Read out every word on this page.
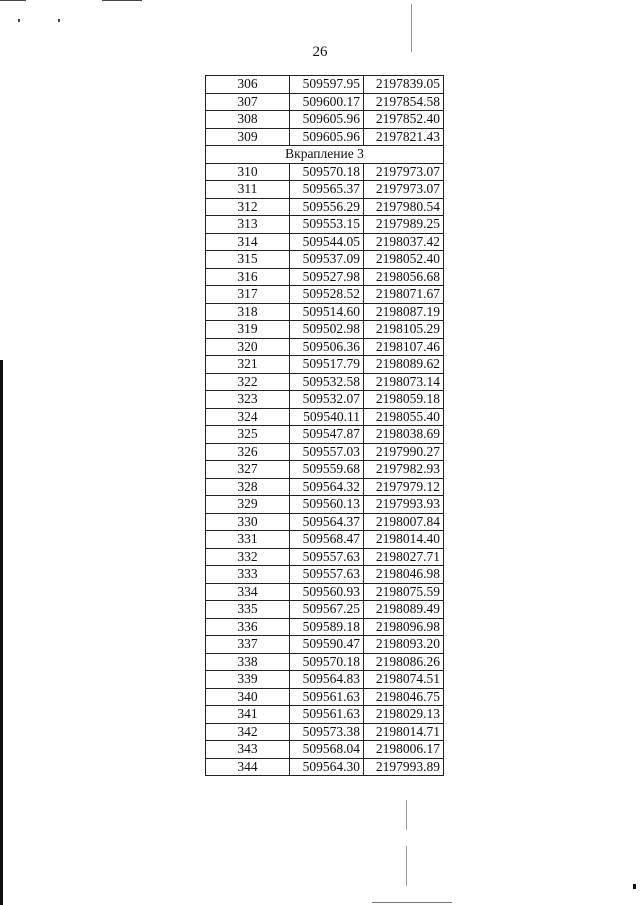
26
306	509597.95	2197839.05
307	509600.17	2197854.58
308	509605.96	2197852.40
309	509605.96	2197821.43
Вкрапление 3		
310	509570.18	2197973.07
311	509565.37	2197973.07
312	509556.29	2197980.54
313	509553.15	2197989.25
314	509544.05	2198037.42
315	509537.09	2198052.40
316	509527.98	2198056.68
317	509528.52	2198071.67
318	509514.60	2198087.19
319	509502.98	2198105.29
320	509506.36	2198107.46
321	509517.79	2198089.62
322	509532.58	2198073.14
323	509532.07	2198059.18
324	509540.11	2198055.40
325	509547.87	2198038.69
326	509557.03	2197990.27
327	509559.68	2197982.93
328	509564.32	2197979.12
329	509560.13	2197993.93
330	509564.37	2198007.84
331	509568.47	2198014.40
332	509557.63	2198027.71
333	509557.63	2198046.98
334	509560.93	2198075.59
335	509567.25	2198089.49
336	509589.18	2198096.98
337	509590.47	2198093.20
338	509570.18	2198086.26
339	509564.83	2198074.51
340	509561.63	2198046.75
341	509561.63	2198029.13
342	509573.38	2198014.71
343	509568.04	2198006.17
344	509564.30	2197993.89
